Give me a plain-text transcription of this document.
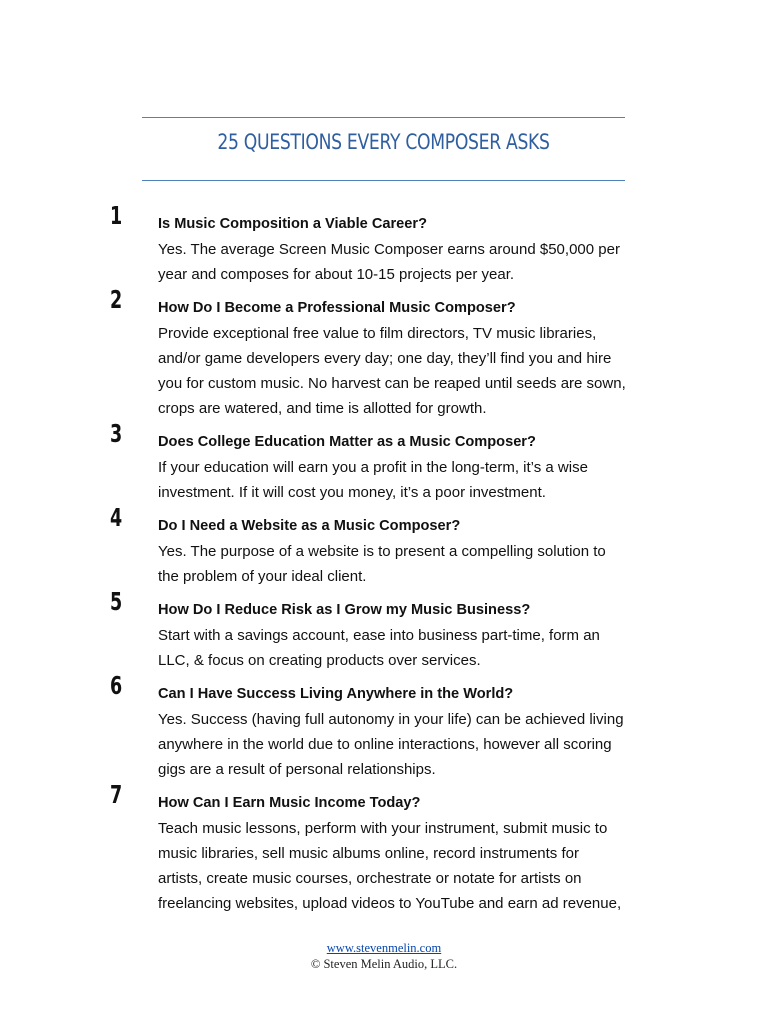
25 QUESTIONS EVERY COMPOSER ASKS
1	Is Music Composition a Viable Career?
Yes. The average Screen Music Composer earns around $50,000 per
year and composes for about 10-15 projects per year.
2	How Do I Become a Professional Music Composer?
Provide exceptional free value to film directors, TV music libraries,
and/or game developers every day; one day, they’ll find you and hire
you for custom music. No harvest can be reaped until seeds are sown,
crops are watered, and time is allotted for growth.
3	Does College Education Matter as a Music Composer?
If your education will earn you a profit in the long-term, it’s a wise
investment. If it will cost you money, it’s a poor investment.
4	Do I Need a Website as a Music Composer?
Yes. The purpose of a website is to present a compelling solution to
the problem of your ideal client.
5	How Do I Reduce Risk as I Grow my Music Business?
Start with a savings account, ease into business part-time, form an
LLC, & focus on creating products over services.
6	Can I Have Success Living Anywhere in the World?
Yes. Success (having full autonomy in your life) can be achieved living
anywhere in the world due to online interactions, however all scoring
gigs are a result of personal relationships.
7	How Can I Earn Music Income Today?
Teach music lessons, perform with your instrument, submit music to
music libraries, sell music albums online, record instruments for
artists, create music courses, orchestrate or notate for artists on
freelancing websites, upload videos to YouTube and earn ad revenue,
www.stevenmelin.com
© Steven Melin Audio, LLC.
